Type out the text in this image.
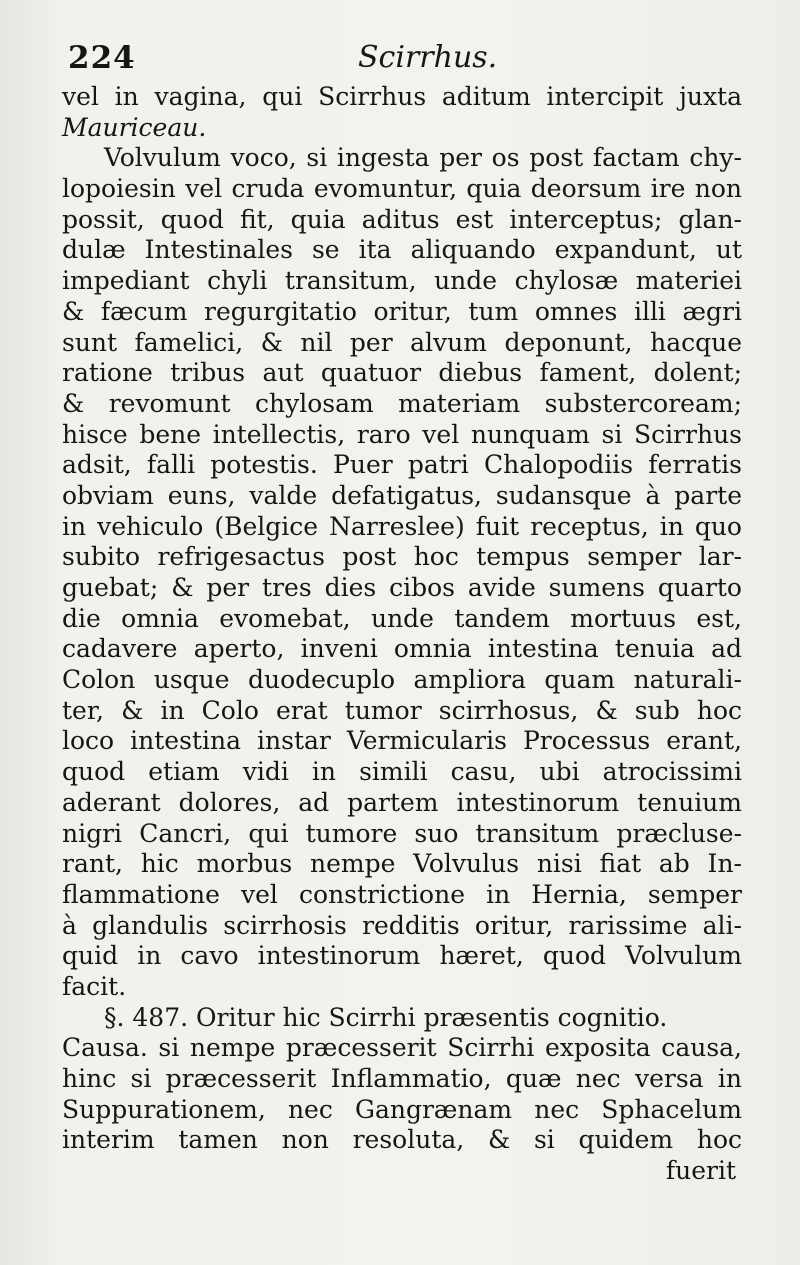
224	Scirrhus.
vel in vagina, qui Scirrhus aditum intercipit juxta
Mauriceau.
Volvulum voco, si ingesta per os post factam chy-
lopoiesin vel cruda evomuntur, quia deorsum ire non
possit, quod fit, quia aditus est interceptus; glan-
dulæ Intestinales se ita aliquando expandunt, ut
impediant chyli transitum, unde chylosæ materiei
& fæcum regurgitatio oritur, tum omnes illi ægri
sunt famelici, & nil per alvum deponunt, hacque
ratione tribus aut quatuor diebus fament, dolent;
& revomunt chylosam materiam substercoream;
hisce bene intellectis, raro vel nunquam si Scirrhus
adsit, falli potestis. Puer patri Chalopodiis ferratis
obviam euns, valde defatigatus, sudansque à parte
in vehiculo (Belgice Narreslee) fuit receptus, in quo
subito refrigesactus post hoc tempus semper lar-
guebat; & per tres dies cibos avide sumens quarto
die omnia evomebat, unde tandem mortuus est,
cadavere aperto, inveni omnia intestina tenuia ad
Colon usque duodecuplo ampliora quam naturali-
ter, & in Colo erat tumor scirrhosus, & sub hoc
loco intestina instar Vermicularis Processus erant,
quod etiam vidi in simili casu, ubi atrocissimi
aderant dolores, ad partem intestinorum tenuium
nigri Cancri, qui tumore suo transitum præclusе-
rant, hic morbus nempe Volvulus nisi fiat ab In-
flammatione vel constrictione in Hernia, semper
à glandulis scirrhosis redditis oritur, rarissime ali-
quid in cavo intestinorum hæret, quod Volvulum
facit.
§. 487. Oritur hic Scirrhi præsentis cognitio.
Causa. si nempe præcesserit Scirrhi exposita causa,
hinc si præcesserit Inflammatio, quæ nec versa in
Suppurationem, nec Gangrænam nec Sphacelum
interim tamen non resoluta, & si quidem hoc
fuerit
